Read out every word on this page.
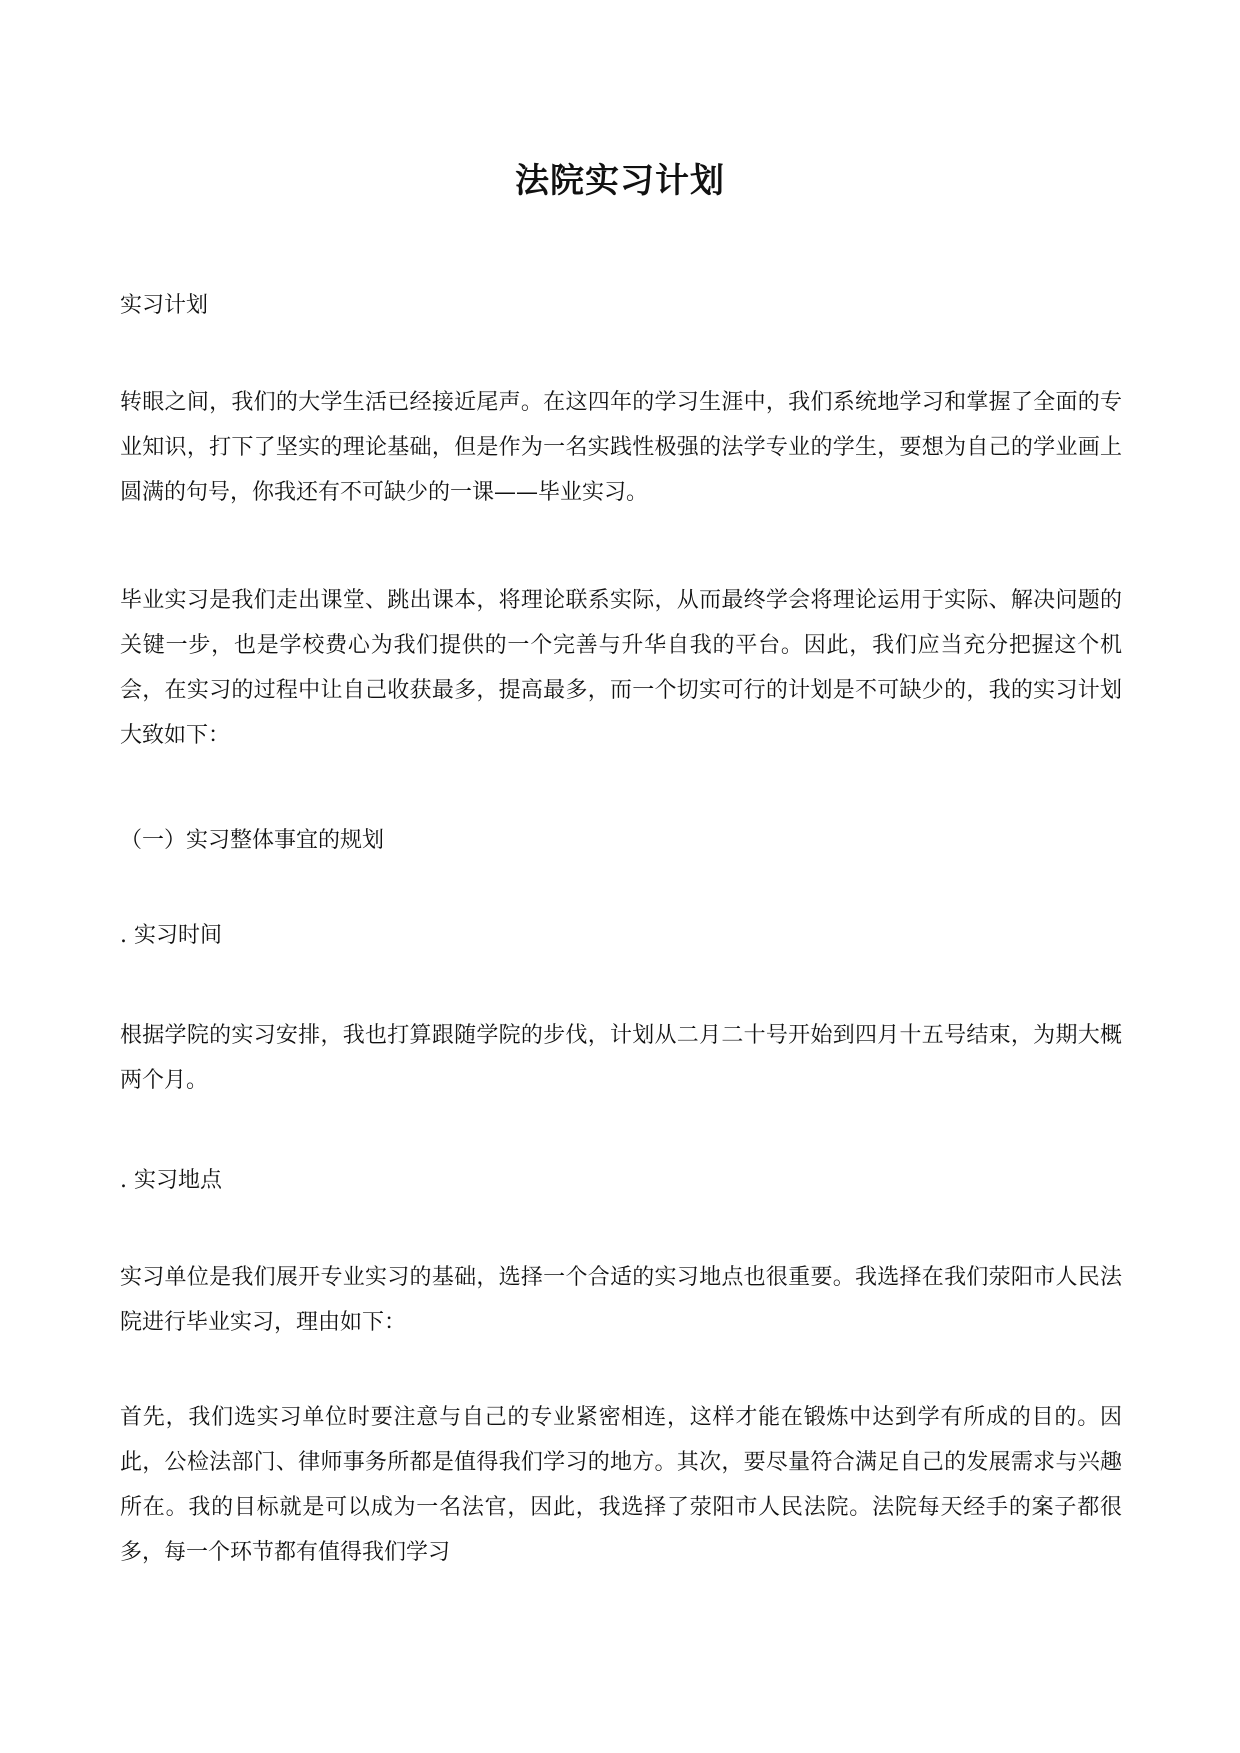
法院实习计划

实习计划

转眼之间，我们的大学生活已经接近尾声。在这四年的学习生涯中，我们系统地学习和掌握了全面的专业知识，打下了坚实的理论基础，但是作为一名实践性极强的法学专业的学生，要想为自己的学业画上圆满的句号，你我还有不可缺少的一课——毕业实习。

毕业实习是我们走出课堂、跳出课本，将理论联系实际，从而最终学会将理论运用于实际、解决问题的关键一步，也是学校费心为我们提供的一个完善与升华自我的平台。因此，我们应当充分把握这个机会，在实习的过程中让自己收获最多，提高最多，而一个切实可行的计划是不可缺少的，我的实习计划大致如下：

（一）实习整体事宜的规划

. 实习时间

根据学院的实习安排，我也打算跟随学院的步伐，计划从二月二十号开始到四月十五号结束，为期大概两个月。

. 实习地点

实习单位是我们展开专业实习的基础，选择一个合适的实习地点也很重要。我选择在我们荥阳市人民法院进行毕业实习，理由如下：

首先，我们选实习单位时要注意与自己的专业紧密相连，这样才能在锻炼中达到学有所成的目的。因此，公检法部门、律师事务所都是值得我们学习的地方。其次，要尽量符合满足自己的发展需求与兴趣所在。我的目标就是可以成为一名法官，因此，我选择了荥阳市人民法院。法院每天经手的案子都很多，每一个环节都有值得我们学习
